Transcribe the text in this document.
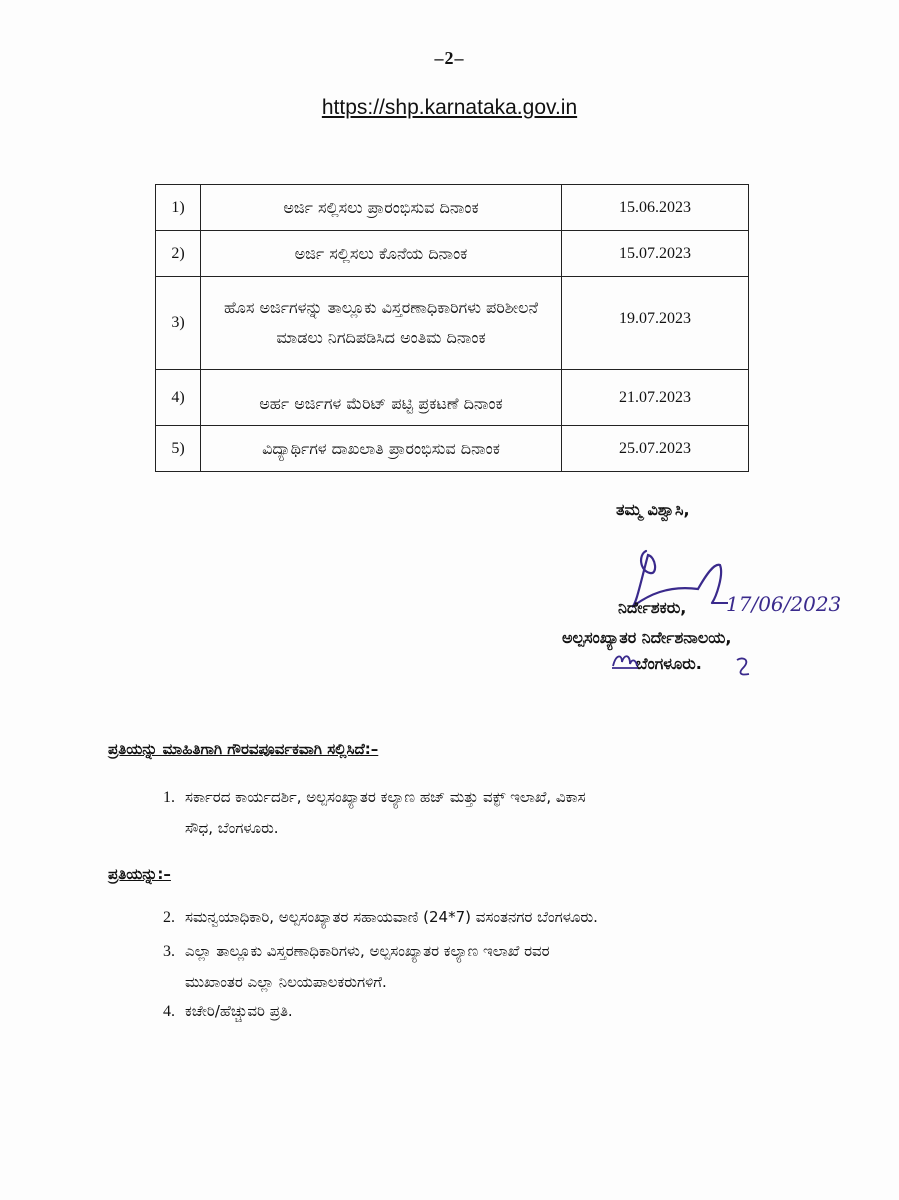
–2–
https://shp.karnataka.gov.in
1)	ಅರ್ಜಿ ಸಲ್ಲಿಸಲು ಪ್ರಾರಂಭಿಸುವ ದಿನಾಂಕ	15.06.2023
2)	ಅರ್ಜಿ ಸಲ್ಲಿಸಲು ಕೊನೆಯ ದಿನಾಂಕ	15.07.2023
3)	ಹೊಸ ಅರ್ಜಿಗಳನ್ನು ತಾಲ್ಲೂಕು ವಿಸ್ತರಣಾಧಿಕಾರಿಗಳು ಪರಿಶೀಲನೆ ಮಾಡಲು ನಿಗದಿಪಡಿಸಿದ ಅಂತಿಮ ದಿನಾಂಕ	19.07.2023
4)	ಅರ್ಹ ಅರ್ಜಿಗಳ ಮೆರಿಟ್ ಪಟ್ಟಿ ಪ್ರಕಟಣೆ ದಿನಾಂಕ	21.07.2023
5)	ವಿದ್ಯಾರ್ಥಿಗಳ ದಾಖಲಾತಿ ಪ್ರಾರಂಭಿಸುವ ದಿನಾಂಕ	25.07.2023
ತಮ್ಮ ವಿಶ್ವಾಸಿ,
17/06/2023
ನಿರ್ದೇಶಕರು,
ಅಲ್ಪಸಂಖ್ಯಾತರ ನಿರ್ದೇಶನಾಲಯ,
ಬೆಂಗಳೂರು.
ಪ್ರತಿಯನ್ನು ಮಾಹಿತಿಗಾಗಿ ಗೌರವಪೂರ್ವಕವಾಗಿ ಸಲ್ಲಿಸಿದೆ:–
1. ಸರ್ಕಾರದ ಕಾರ್ಯದರ್ಶಿ, ಅಲ್ಪಸಂಖ್ಯಾತರ ಕಲ್ಯಾಣ ಹಜ್ ಮತ್ತು ವಕ್ಫ್ ಇಲಾಖೆ, ವಿಕಾಸ
ಸೌಧ, ಬೆಂಗಳೂರು.
ಪ್ರತಿಯನ್ನು:–
2. ಸಮನ್ವಯಾಧಿಕಾರಿ, ಅಲ್ಪಸಂಖ್ಯಾತರ ಸಹಾಯವಾಣಿ (24*7) ವಸಂತನಗರ ಬೆಂಗಳೂರು.
3. ಎಲ್ಲಾ ತಾಲ್ಲೂಕು ವಿಸ್ತರಣಾಧಿಕಾರಿಗಳು, ಅಲ್ಪಸಂಖ್ಯಾತರ ಕಲ್ಯಾಣ ಇಲಾಖೆ ರವರ
ಮುಖಾಂತರ ಎಲ್ಲಾ ನಿಲಯಪಾಲಕರುಗಳಿಗೆ.
4. ಕಚೇರಿ/ಹೆಚ್ಚುವರಿ ಪ್ರತಿ.
